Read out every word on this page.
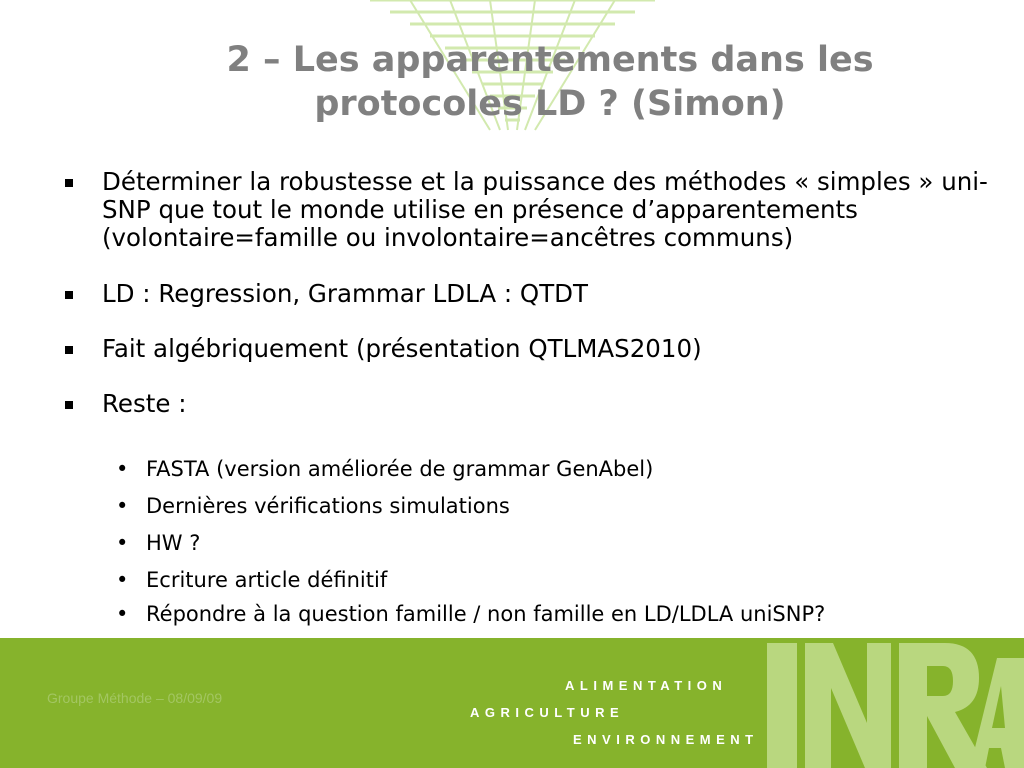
2 – Les apparentements dans les protocoles LD ? (Simon)
Déterminer la robustesse et la puissance des méthodes « simples » uni-SNP que tout le monde utilise en présence d’apparentements (volontaire=famille ou involontaire=ancêtres communs)
LD : Regression, Grammar LDLA : QTDT
Fait algébriquement (présentation QTLMAS2010)
Reste :
• FASTA (version améliorée de grammar GenAbel)
• Dernières vérifications simulations
• HW ?
• Ecriture article définitif
• Répondre à la question famille / non famille en LD/LDLA uniSNP?
Groupe Méthode – 08/09/09
ALIMENTATION
AGRICULTURE
ENVIRONNEMENT
